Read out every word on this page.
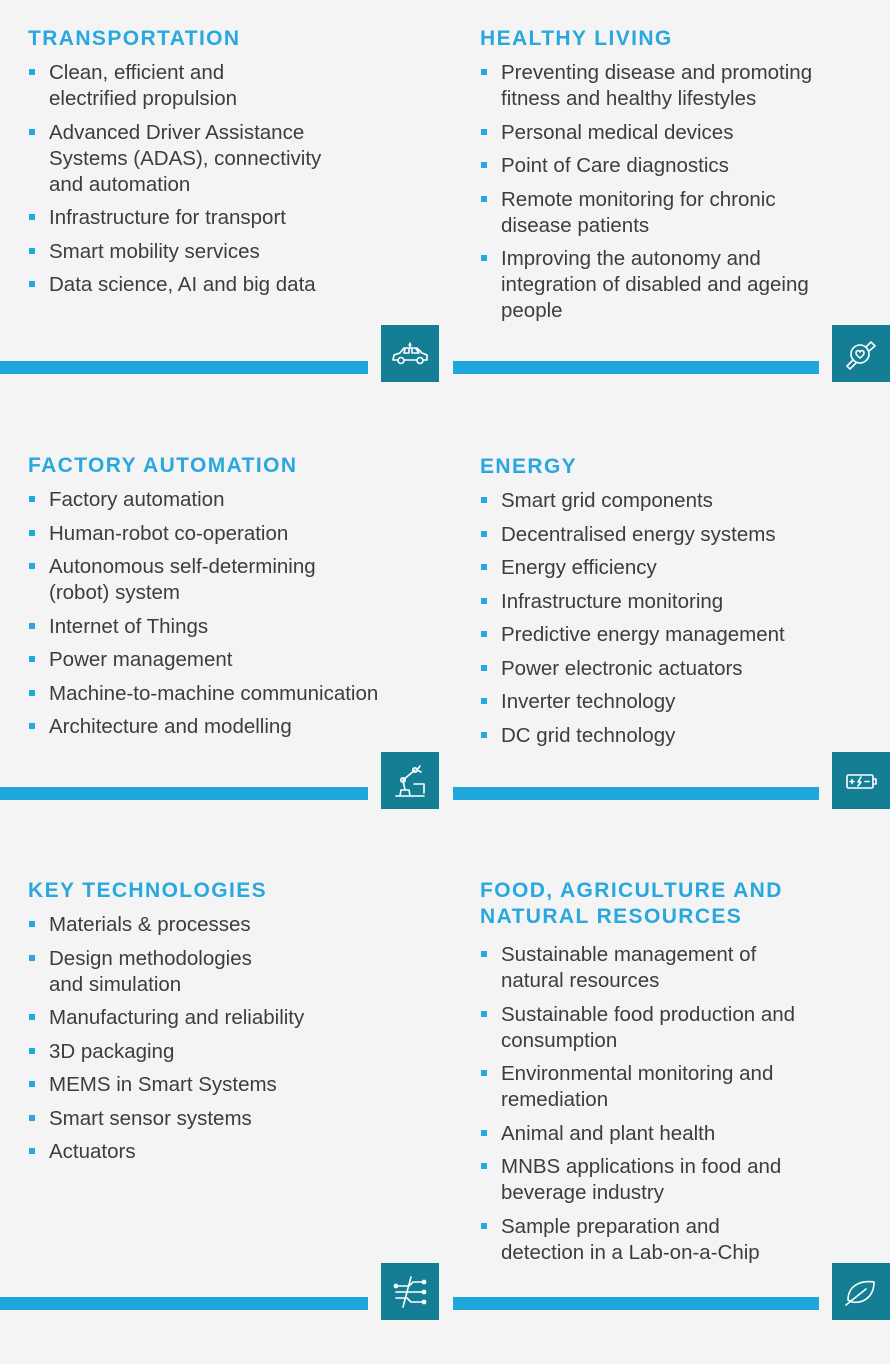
TRANSPORTATION
Clean, efficient and
electrified propulsion
Advanced Driver Assistance
Systems (ADAS), connectivity
and automation
Infrastructure for transport
Smart mobility services
Data science, AI and big data
HEALTHY LIVING
Preventing disease and promoting
fitness and healthy lifestyles
Personal medical devices
Point of Care diagnostics
Remote monitoring for chronic
disease patients
Improving the autonomy and
integration of disabled and ageing
people
FACTORY AUTOMATION
Factory automation
Human-robot co-operation
Autonomous self-determining
(robot) system
Internet of Things
Power management
Machine-to-machine communication
Architecture and modelling
ENERGY
Smart grid components
Decentralised energy systems
Energy efficiency
Infrastructure monitoring
Predictive energy management
Power electronic actuators
Inverter technology
DC grid technology
KEY TECHNOLOGIES
Materials & processes
Design methodologies
and simulation
Manufacturing and reliability
3D packaging
MEMS in Smart Systems
Smart sensor systems
Actuators
FOOD, AGRICULTURE AND
NATURAL RESOURCES
Sustainable management of
natural resources
Sustainable food production and
consumption
Environmental monitoring and
remediation
Animal and plant health
MNBS applications in food and
beverage industry
Sample preparation and
detection in a Lab-on-a-Chip
